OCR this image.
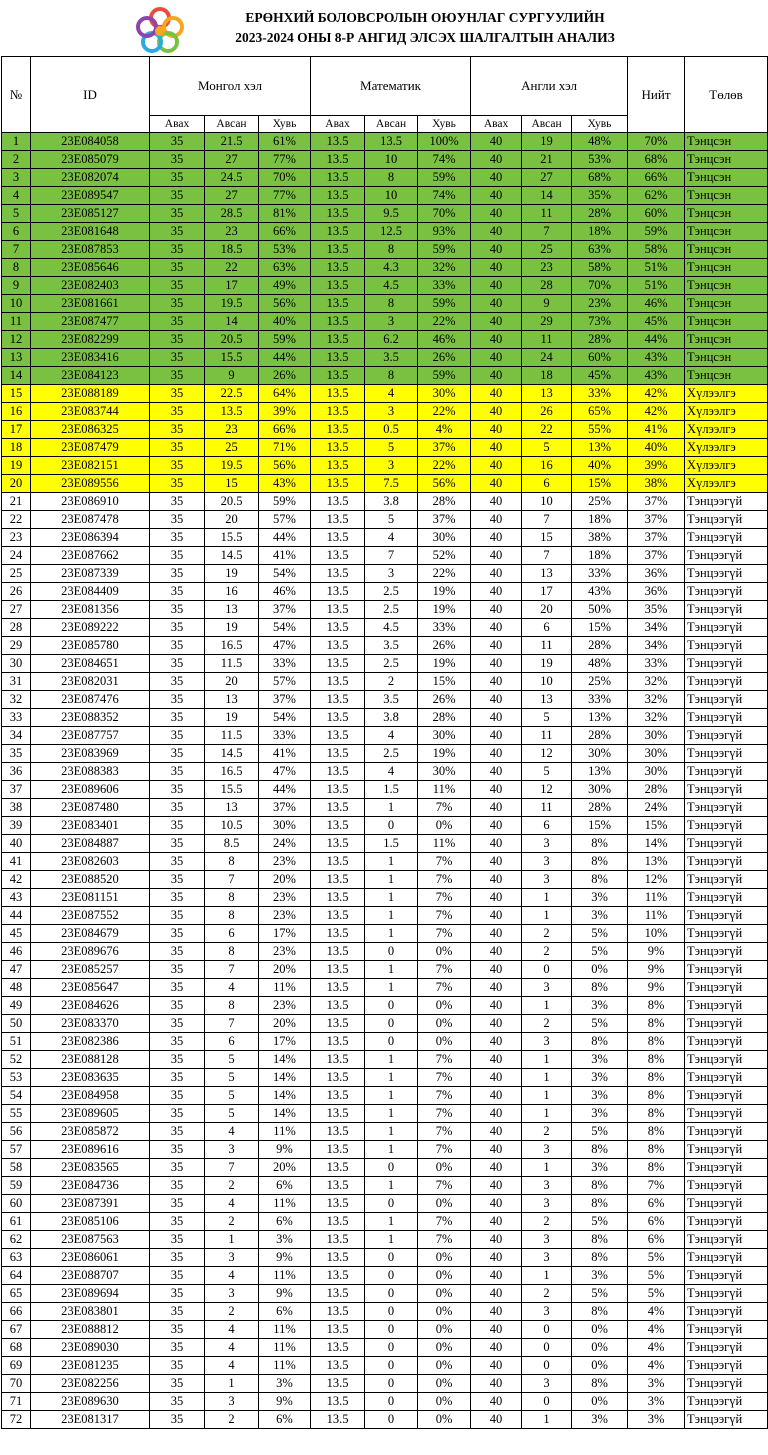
ЕРӨНХИЙ БОЛОВСРОЛЫН ОЮУНЛАГ СУРГУУЛИЙН
2023-2024 ОНЫ 8-Р АНГИД ЭЛСЭХ ШАЛГАЛТЫН АНАЛИЗ
№	ID	Монгол хэл			Математик			Англи хэл			Нийт	Төлөв
		Авах	Авсан	Хувь	Авах	Авсан	Хувь	Авах	Авсан	Хувь		
1	23E084058	35	21.5	61%	13.5	13.5	100%	40	19	48%	70%	Тэнцсэн
2	23E085079	35	27	77%	13.5	10	74%	40	21	53%	68%	Тэнцсэн
3	23E082074	35	24.5	70%	13.5	8	59%	40	27	68%	66%	Тэнцсэн
4	23E089547	35	27	77%	13.5	10	74%	40	14	35%	62%	Тэнцсэн
5	23E085127	35	28.5	81%	13.5	9.5	70%	40	11	28%	60%	Тэнцсэн
6	23E081648	35	23	66%	13.5	12.5	93%	40	7	18%	59%	Тэнцсэн
7	23E087853	35	18.5	53%	13.5	8	59%	40	25	63%	58%	Тэнцсэн
8	23E085646	35	22	63%	13.5	4.3	32%	40	23	58%	51%	Тэнцсэн
9	23E082403	35	17	49%	13.5	4.5	33%	40	28	70%	51%	Тэнцсэн
10	23E081661	35	19.5	56%	13.5	8	59%	40	9	23%	46%	Тэнцсэн
11	23E087477	35	14	40%	13.5	3	22%	40	29	73%	45%	Тэнцсэн
12	23E082299	35	20.5	59%	13.5	6.2	46%	40	11	28%	44%	Тэнцсэн
13	23E083416	35	15.5	44%	13.5	3.5	26%	40	24	60%	43%	Тэнцсэн
14	23E084123	35	9	26%	13.5	8	59%	40	18	45%	43%	Тэнцсэн
15	23E088189	35	22.5	64%	13.5	4	30%	40	13	33%	42%	Хүлээлгэ
16	23E083744	35	13.5	39%	13.5	3	22%	40	26	65%	42%	Хүлээлгэ
17	23E086325	35	23	66%	13.5	0.5	4%	40	22	55%	41%	Хүлээлгэ
18	23E087479	35	25	71%	13.5	5	37%	40	5	13%	40%	Хүлээлгэ
19	23E082151	35	19.5	56%	13.5	3	22%	40	16	40%	39%	Хүлээлгэ
20	23E089556	35	15	43%	13.5	7.5	56%	40	6	15%	38%	Хүлээлгэ
21	23E086910	35	20.5	59%	13.5	3.8	28%	40	10	25%	37%	Тэнцээгүй
22	23E087478	35	20	57%	13.5	5	37%	40	7	18%	37%	Тэнцээгүй
23	23E086394	35	15.5	44%	13.5	4	30%	40	15	38%	37%	Тэнцээгүй
24	23E087662	35	14.5	41%	13.5	7	52%	40	7	18%	37%	Тэнцээгүй
25	23E087339	35	19	54%	13.5	3	22%	40	13	33%	36%	Тэнцээгүй
26	23E084409	35	16	46%	13.5	2.5	19%	40	17	43%	36%	Тэнцээгүй
27	23E081356	35	13	37%	13.5	2.5	19%	40	20	50%	35%	Тэнцээгүй
28	23E089222	35	19	54%	13.5	4.5	33%	40	6	15%	34%	Тэнцээгүй
29	23E085780	35	16.5	47%	13.5	3.5	26%	40	11	28%	34%	Тэнцээгүй
30	23E084651	35	11.5	33%	13.5	2.5	19%	40	19	48%	33%	Тэнцээгүй
31	23E082031	35	20	57%	13.5	2	15%	40	10	25%	32%	Тэнцээгүй
32	23E087476	35	13	37%	13.5	3.5	26%	40	13	33%	32%	Тэнцээгүй
33	23E088352	35	19	54%	13.5	3.8	28%	40	5	13%	32%	Тэнцээгүй
34	23E087757	35	11.5	33%	13.5	4	30%	40	11	28%	30%	Тэнцээгүй
35	23E083969	35	14.5	41%	13.5	2.5	19%	40	12	30%	30%	Тэнцээгүй
36	23E088383	35	16.5	47%	13.5	4	30%	40	5	13%	30%	Тэнцээгүй
37	23E089606	35	15.5	44%	13.5	1.5	11%	40	12	30%	28%	Тэнцээгүй
38	23E087480	35	13	37%	13.5	1	7%	40	11	28%	24%	Тэнцээгүй
39	23E083401	35	10.5	30%	13.5	0	0%	40	6	15%	15%	Тэнцээгүй
40	23E084887	35	8.5	24%	13.5	1.5	11%	40	3	8%	14%	Тэнцээгүй
41	23E082603	35	8	23%	13.5	1	7%	40	3	8%	13%	Тэнцээгүй
42	23E088520	35	7	20%	13.5	1	7%	40	3	8%	12%	Тэнцээгүй
43	23E081151	35	8	23%	13.5	1	7%	40	1	3%	11%	Тэнцээгүй
44	23E087552	35	8	23%	13.5	1	7%	40	1	3%	11%	Тэнцээгүй
45	23E084679	35	6	17%	13.5	1	7%	40	2	5%	10%	Тэнцээгүй
46	23E089676	35	8	23%	13.5	0	0%	40	2	5%	9%	Тэнцээгүй
47	23E085257	35	7	20%	13.5	1	7%	40	0	0%	9%	Тэнцээгүй
48	23E085647	35	4	11%	13.5	1	7%	40	3	8%	9%	Тэнцээгүй
49	23E084626	35	8	23%	13.5	0	0%	40	1	3%	8%	Тэнцээгүй
50	23E083370	35	7	20%	13.5	0	0%	40	2	5%	8%	Тэнцээгүй
51	23E082386	35	6	17%	13.5	0	0%	40	3	8%	8%	Тэнцээгүй
52	23E088128	35	5	14%	13.5	1	7%	40	1	3%	8%	Тэнцээгүй
53	23E083635	35	5	14%	13.5	1	7%	40	1	3%	8%	Тэнцээгүй
54	23E084958	35	5	14%	13.5	1	7%	40	1	3%	8%	Тэнцээгүй
55	23E089605	35	5	14%	13.5	1	7%	40	1	3%	8%	Тэнцээгүй
56	23E085872	35	4	11%	13.5	1	7%	40	2	5%	8%	Тэнцээгүй
57	23E089616	35	3	9%	13.5	1	7%	40	3	8%	8%	Тэнцээгүй
58	23E083565	35	7	20%	13.5	0	0%	40	1	3%	8%	Тэнцээгүй
59	23E084736	35	2	6%	13.5	1	7%	40	3	8%	7%	Тэнцээгүй
60	23E087391	35	4	11%	13.5	0	0%	40	3	8%	6%	Тэнцээгүй
61	23E085106	35	2	6%	13.5	1	7%	40	2	5%	6%	Тэнцээгүй
62	23E087563	35	1	3%	13.5	1	7%	40	3	8%	6%	Тэнцээгүй
63	23E086061	35	3	9%	13.5	0	0%	40	3	8%	5%	Тэнцээгүй
64	23E088707	35	4	11%	13.5	0	0%	40	1	3%	5%	Тэнцээгүй
65	23E089694	35	3	9%	13.5	0	0%	40	2	5%	5%	Тэнцээгүй
66	23E083801	35	2	6%	13.5	0	0%	40	3	8%	4%	Тэнцээгүй
67	23E088812	35	4	11%	13.5	0	0%	40	0	0%	4%	Тэнцээгүй
68	23E089030	35	4	11%	13.5	0	0%	40	0	0%	4%	Тэнцээгүй
69	23E081235	35	4	11%	13.5	0	0%	40	0	0%	4%	Тэнцээгүй
70	23E082256	35	1	3%	13.5	0	0%	40	3	8%	3%	Тэнцээгүй
71	23E089630	35	3	9%	13.5	0	0%	40	0	0%	3%	Тэнцээгүй
72	23E081317	35	2	6%	13.5	0	0%	40	1	3%	3%	Тэнцээгүй
